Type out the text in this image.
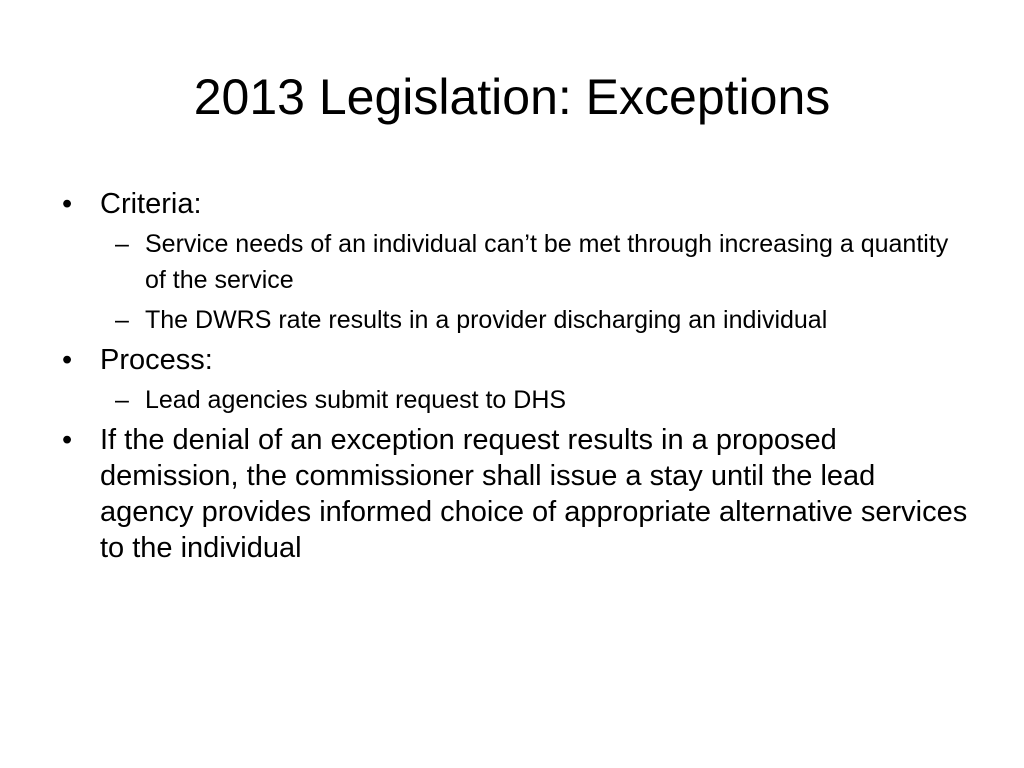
2013 Legislation: Exceptions
• Criteria:
– Service needs of an individual can’t be met through increasing a quantity of the service
– The DWRS rate results in a provider discharging an individual
• Process:
– Lead agencies submit request to DHS
• If the denial of an exception request results in a proposed demission, the commissioner shall issue a stay until the lead agency provides informed choice of appropriate alternative services to the individual
